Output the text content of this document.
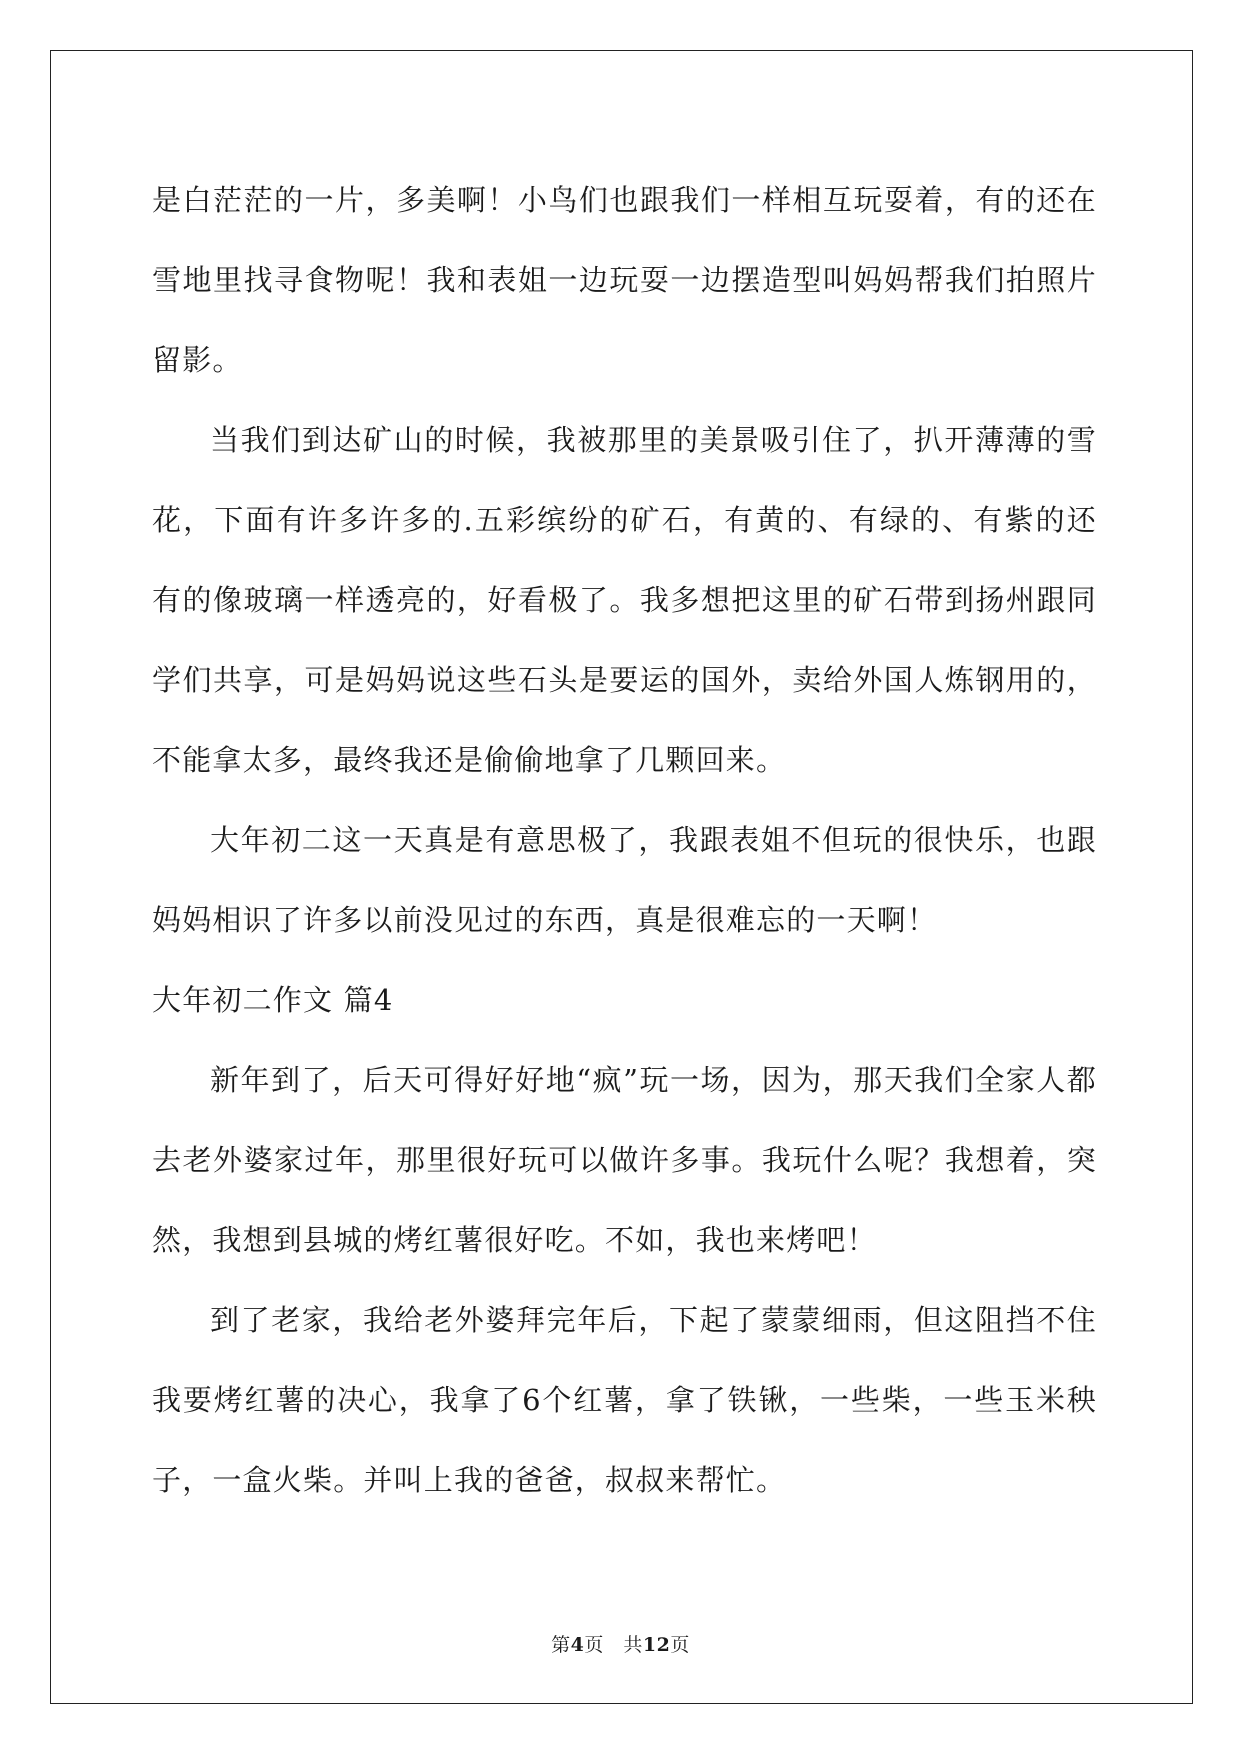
是白茫茫的一片，多美啊！小鸟们也跟我们一样相互玩耍着，有的还在雪地里找寻食物呢！我和表姐一边玩耍一边摆造型叫妈妈帮我们拍照片留影。

当我们到达矿山的时候，我被那里的美景吸引住了，扒开薄薄的雪花，下面有许多许多的.五彩缤纷的矿石，有黄的、有绿的、有紫的还有的像玻璃一样透亮的，好看极了。我多想把这里的矿石带到扬州跟同学们共享，可是妈妈说这些石头是要运的国外，卖给外国人炼钢用的，不能拿太多，最终我还是偷偷地拿了几颗回来。

大年初二这一天真是有意思极了，我跟表姐不但玩的很快乐，也跟妈妈相识了许多以前没见过的东西，真是很难忘的一天啊！

大年初二作文 篇4

新年到了，后天可得好好地“疯”玩一场，因为，那天我们全家人都去老外婆家过年，那里很好玩可以做许多事。我玩什么呢？我想着，突然，我想到县城的烤红薯很好吃。不如，我也来烤吧！

到了老家，我给老外婆拜完年后，下起了蒙蒙细雨，但这阻挡不住我要烤红薯的决心，我拿了6个红薯，拿了铁锹，一些柴，一些玉米秧子，一盒火柴。并叫上我的爸爸，叔叔来帮忙。

第4页　共12页
